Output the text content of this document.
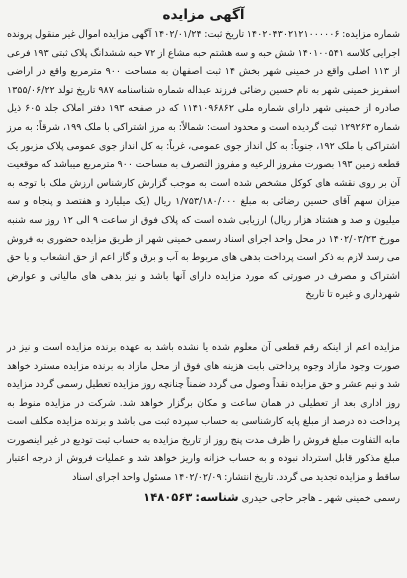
آگهی مزایده

شماره مزایده: ۱۴۰۲۰۴۳۰۲۱۲۱۰۰۰۰۰۶ تاریخ ثبت: ۱۴۰۲/۰۱/۲۴ آگهی مزایده اموال غیر منقول پرونده اجرایی کلاسه ۱۴۰۱۰۰۵۴۱ شش حبه و سه هشتم حبه مشاع از ۷۲ حبه ششدانگ پلاک ثبتی ۱۹۳ فرعی از ۱۱۳ اصلی واقع در خمینی شهر بخش ۱۴ ثبت اصفهان به مساحت ۹۰۰ مترمربع واقع در اراضی اسفریز خمینی شهر به نام حسین رضائی فرزند عبداله شماره شناسنامه ۹۸۷ تاریخ تولد ۱۳۵۵/۰۶/۲۲ صادره از خمینی شهر دارای شماره ملی ۱۱۴۱۰۹۶۸۶۲ که در صفحه ۱۹۳ دفتر املاک جلد ۶۰۵ ذیل شماره ۱۲۹۲۶۳ ثبت گردیده است و محدود است: شمالاً: به مرز اشتراکی با ملک ۱۹۹، شرقاً: به مرز اشتراکی با ملک ۱۹۲، جنوباً: به کل انداز جوی عمومی، غرباً: به کل انداز جوی عمومی پلاک مزبور یک قطعه زمین ۱۹۳ بصورت مفروز الرعیه و مفروز التصرف به مساحت ۹۰۰ مترمربع میباشد که موقعیت آن بر روی نقشه های کوکل مشخص شده است به موجب گزارش کارشناس ارزش ملک با توجه به میزان سهم آقای حسین رضائی به مبلغ ۱/۷۵۳/۱۸۰/۰۰۰ ریال (یک میلیارد و هفتصد و پنجاه و سه میلیون و صد و هشتاد هزار ریال) ارزیابی شده است که پلاک فوق از ساعت ۹ الی ۱۲ روز سه شنبه مورخ ۱۴۰۲/۰۳/۲۳ در محل واحد اجرای اسناد رسمی خمینی شهر از طریق مزایده حضوری به فروش می رسد لازم به ذکر است پرداخت بدهی های مربوط به آب و برق و گاز اعم از حق انشعاب و یا حق اشتراک و مصرف در صورتی که مورد مزایده دارای آنها باشد و نیز بدهی های مالیاتی و عوارض شهرداری و غیره تا تاریخ

مزایده اعم از اینکه رقم قطعی آن معلوم شده یا نشده باشد به عهده برنده مزایده است و نیز در صورت وجود مازاد وجوه پرداختی بابت هزینه های فوق از محل مازاد به برنده مزایده مسترد خواهد شد و نیم عشر و حق مزایده نقداً وصول می گردد ضمناً چنانچه روز مزایده تعطیل رسمی گردد مزایده روز اداری بعد از تعطیلی در همان ساعت و مکان برگزار خواهد شد. شرکت در مزایده منوط به پرداخت ده درصد از مبلغ پایه کارشناسی به حساب سپرده ثبت می باشد و برنده مزایده مکلف است مابه التفاوت مبلغ فروش را ظرف مدت پنج روز از تاریخ مزایده به حساب ثبت تودیع در غیر اینصورت مبلغ مذکور قابل استرداد نبوده و به حساب خزانه واریز خواهد شد و عملیات فروش از درجه اعتبار ساقط و مزایده تجدید می گردد. تاریخ انتشار: ۱۴۰۲/۰۲/۰۹ مسئول واحد اجرای اسناد

رسمی خمینی شهر ـ هاجر حاجی حیدری شناسه: ۱۴۸۰۵۶۳
